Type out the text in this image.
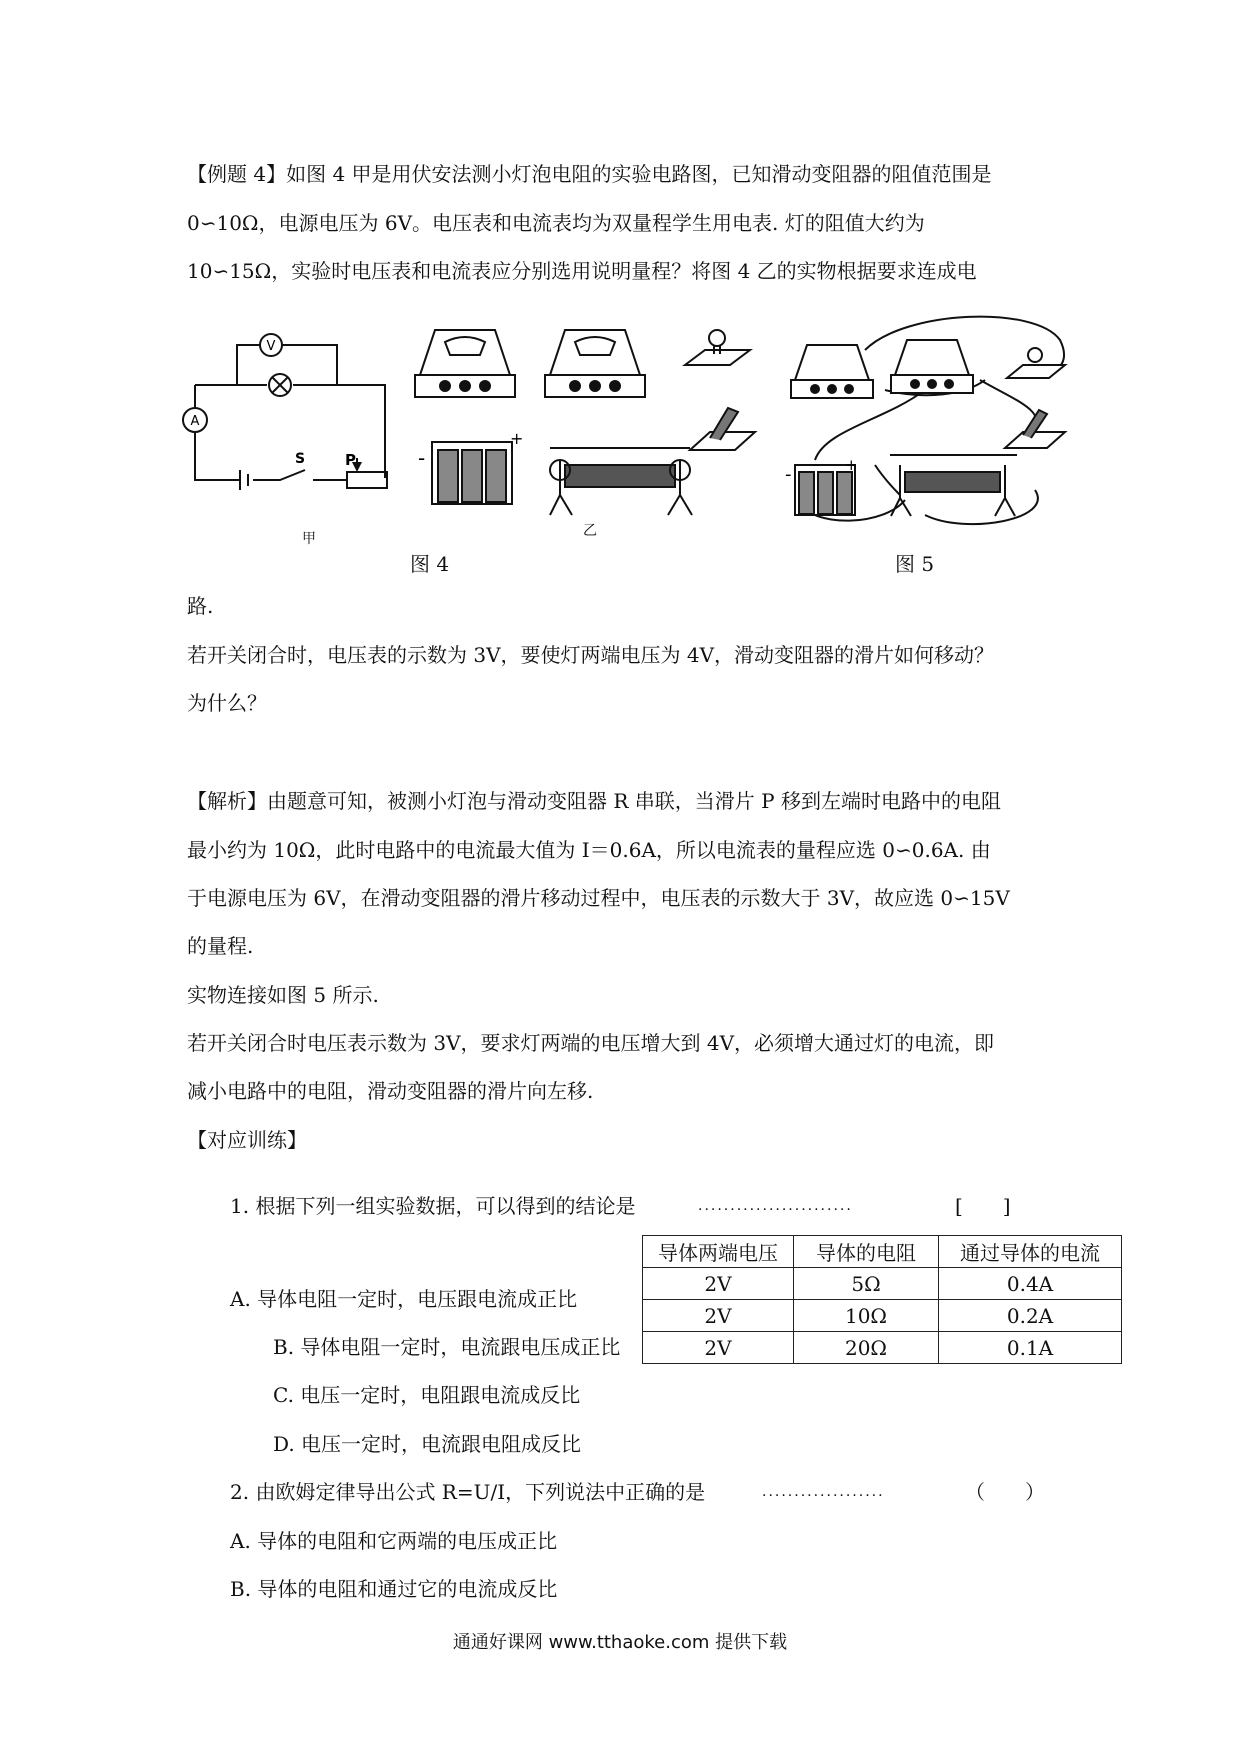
【例题 4】如图 4 甲是用伏安法测小灯泡电阻的实验电路图，已知滑动变阻器的阻值范围是
0∽10Ω，电源电压为 6V。电压表和电流表均为双量程学生用电表. 灯的阻值大约为
10∽15Ω，实验时电压表和电流表应分别选用说明量程？将图 4 乙的实物根据要求连成电
V
A
S	P
甲
-
+
乙
图 4
-	+
图 5
路.
若开关闭合时，电压表的示数为 3V，要使灯两端电压为 4V，滑动变阻器的滑片如何移动？
为什么？
【解析】由题意可知，被测小灯泡与滑动变阻器 R 串联，当滑片 P 移到左端时电路中的电阻
最小约为 10Ω，此时电路中的电流最大值为 I＝0.6A，所以电流表的量程应选 0∽0.6A. 由
于电源电压为 6V，在滑动变阻器的滑片移动过程中，电压表的示数大于 3V，故应选 0∽15V
的量程.
实物连接如图 5 所示.
若开关闭合时电压表示数为 3V，要求灯两端的电压增大到 4V，必须增大通过灯的电流，即
减小电路中的电阻，滑动变阻器的滑片向左移.
【对应训练】
1. 根据下列一组实验数据，可以得到的结论是	........................	[　　]
导体两端电压	导体的电阻	通过导体的电流
2V	5Ω	0.4A
2V	10Ω	0.2A
2V	20Ω	0.1A
A. 导体电阻一定时，电压跟电流成正比
B. 导体电阻一定时，电流跟电压成正比
C. 电压一定时，电阻跟电流成反比
D. 电压一定时，电流跟电阻成反比
2. 由欧姆定律导出公式 R=U/I，下列说法中正确的是	...................	（　　）
A. 导体的电阻和它两端的电压成正比
B. 导体的电阻和通过它的电流成反比
通通好课网 www.tthaoke.com 提供下载
